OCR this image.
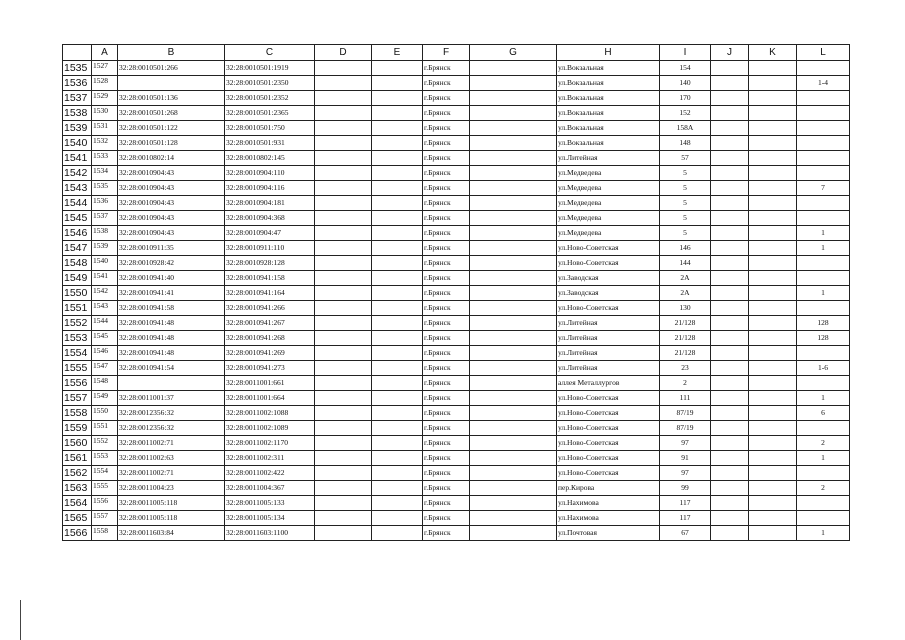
	A	B	C	D	E	F	G	H	I	J	K	L
1535	1527	32:28:0010501:266	32:28:0010501:1919			г.Брянск		ул.Вокзальная	154			
1536	1528		32:28:0010501:2350			г.Брянск		ул.Вокзальная	140			1-4
1537	1529	32:28:0010501:136	32:28:0010501:2352			г.Брянск		ул.Вокзальная	170			
1538	1530	32:28:0010501:268	32:28:0010501:2365			г.Брянск		ул.Вокзальная	152			
1539	1531	32:28:0010501:122	32:28:0010501:750			г.Брянск		ул.Вокзальная	158А			
1540	1532	32:28:0010501:128	32:28:0010501:931			г.Брянск		ул.Вокзальная	148			
1541	1533	32:28:0010802:14	32:28:0010802:145			г.Брянск		ул.Литейная	57			
1542	1534	32:28:0010904:43	32:28:0010904:110			г.Брянск		ул.Медведева	5			
1543	1535	32:28:0010904:43	32:28:0010904:116			г.Брянск		ул.Медведева	5			7
1544	1536	32:28:0010904:43	32:28:0010904:181			г.Брянск		ул.Медведева	5			
1545	1537	32:28:0010904:43	32:28:0010904:368			г.Брянск		ул.Медведева	5			
1546	1538	32:28:0010904:43	32:28:0010904:47			г.Брянск		ул.Медведева	5			1
1547	1539	32:28:0010911:35	32:28:0010911:110			г.Брянск		ул.Ново-Советская	146			1
1548	1540	32:28:0010928:42	32:28:0010928:128			г.Брянск		ул.Ново-Советская	144			
1549	1541	32:28:0010941:40	32:28:0010941:158			г.Брянск		ул.Заводская	2А			
1550	1542	32:28:0010941:41	32:28:0010941:164			г.Брянск		ул.Заводская	2А			1
1551	1543	32:28:0010941:58	32:28:0010941:266			г.Брянск		ул.Ново-Советская	130			
1552	1544	32:28:0010941:48	32:28:0010941:267			г.Брянск		ул.Литейная	21/128			128
1553	1545	32:28:0010941:48	32:28:0010941:268			г.Брянск		ул.Литейная	21/128			128
1554	1546	32:28:0010941:48	32:28:0010941:269			г.Брянск		ул.Литейная	21/128			
1555	1547	32:28:0010941:54	32:28:0010941:273			г.Брянск		ул.Литейная	23			1-6
1556	1548		32:28:0011001:661			г.Брянск		аллея Металлургов	2			
1557	1549	32:28:0011001:37	32:28:0011001:664			г.Брянск		ул.Ново-Советская	111			1
1558	1550	32:28:0012356:32	32:28:0011002:1088			г.Брянск		ул.Ново-Советская	87/19			6
1559	1551	32:28:0012356:32	32:28:0011002:1089			г.Брянск		ул.Ново-Советская	87/19			
1560	1552	32:28:0011002:71	32:28:0011002:1170			г.Брянск		ул.Ново-Советская	97			2
1561	1553	32:28:0011002:63	32:28:0011002:311			г.Брянск		ул.Ново-Советская	91			1
1562	1554	32:28:0011002:71	32:28:0011002:422			г.Брянск		ул.Ново-Советская	97			
1563	1555	32:28:0011004:23	32:28:0011004:367			г.Брянск		пер.Кирова	99			2
1564	1556	32:28:0011005:118	32:28:0011005:133			г.Брянск		ул.Нахимова	117			
1565	1557	32:28:0011005:118	32:28:0011005:134			г.Брянск		ул.Нахимова	117			
1566	1558	32:28:0011603:84	32:28:0011603:1100			г.Брянск		ул.Почтовая	67			1
